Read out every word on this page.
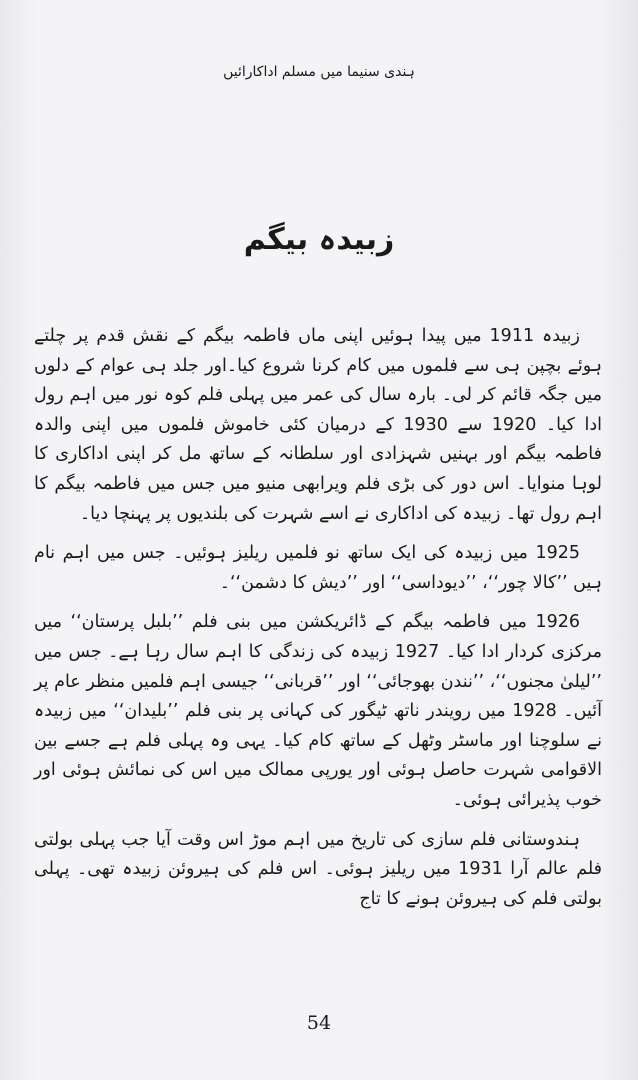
ہندی سنیما میں مسلم اداکارائیں
زبیدہ بیگم

زبیدہ 1911 میں پیدا ہوئیں اپنی ماں فاطمہ بیگم کے نقش قدم پر چلتے ہوئے بچپن ہی سے فلموں میں کام کرنا شروع کیا۔اور جلد ہی عوام کے دلوں میں جگہ قائم کر لی۔ بارہ سال کی عمر میں پہلی فلم کوہ نور میں اہم رول ادا کیا۔ 1920 سے 1930 کے درمیان کئی خاموش فلموں میں اپنی والدہ فاطمہ بیگم اور بہنیں شہزادی اور سلطانہ کے ساتھ مل کر اپنی اداکاری کا لوہا منوایا۔ اس دور کی بڑی فلم ویرابھی منیو میں جس میں فاطمہ بیگم کا اہم رول تھا۔ زبیدہ کی اداکاری نے اسے شہرت کی بلندیوں پر پہنچا دیا۔

1925 میں زبیدہ کی ایک ساتھ نو فلمیں ریلیز ہوئیں۔ جس میں اہم نام ہیں ’’کالا چور‘‘، ’’دیوداسی‘‘ اور ’’دیش کا دشمن‘‘۔

1926 میں فاطمہ بیگم کے ڈائریکشن میں بنی فلم ’’بلبل پرستان‘‘ میں مرکزی کردار ادا کیا۔ 1927 زبیدہ کی زندگی کا اہم سال رہا ہے۔ جس میں ’’لیلیٰ مجنوں‘‘، ’’نندن بھوجائی‘‘ اور ’’قربانی‘‘ جیسی اہم فلمیں منظر عام پر آئیں۔ 1928 میں رویندر ناتھ ٹیگور کی کہانی پر بنی فلم ’’بلیدان‘‘ میں زبیدہ نے سلوچنا اور ماسٹر وٹھل کے ساتھ کام کیا۔ یہی وہ پہلی فلم ہے جسے بین الاقوامی شہرت حاصل ہوئی اور یورپی ممالک میں اس کی نمائش ہوئی اور خوب پذیرائی ہوئی۔

ہندوستانی فلم سازی کی تاریخ میں اہم موڑ اس وقت آیا جب پہلی بولتی فلم عالم آرا 1931 میں ریلیز ہوئی۔ اس فلم کی ہیروئن زبیدہ تھی۔ پہلی بولتی فلم کی ہیروئن ہونے کا تاج

54
